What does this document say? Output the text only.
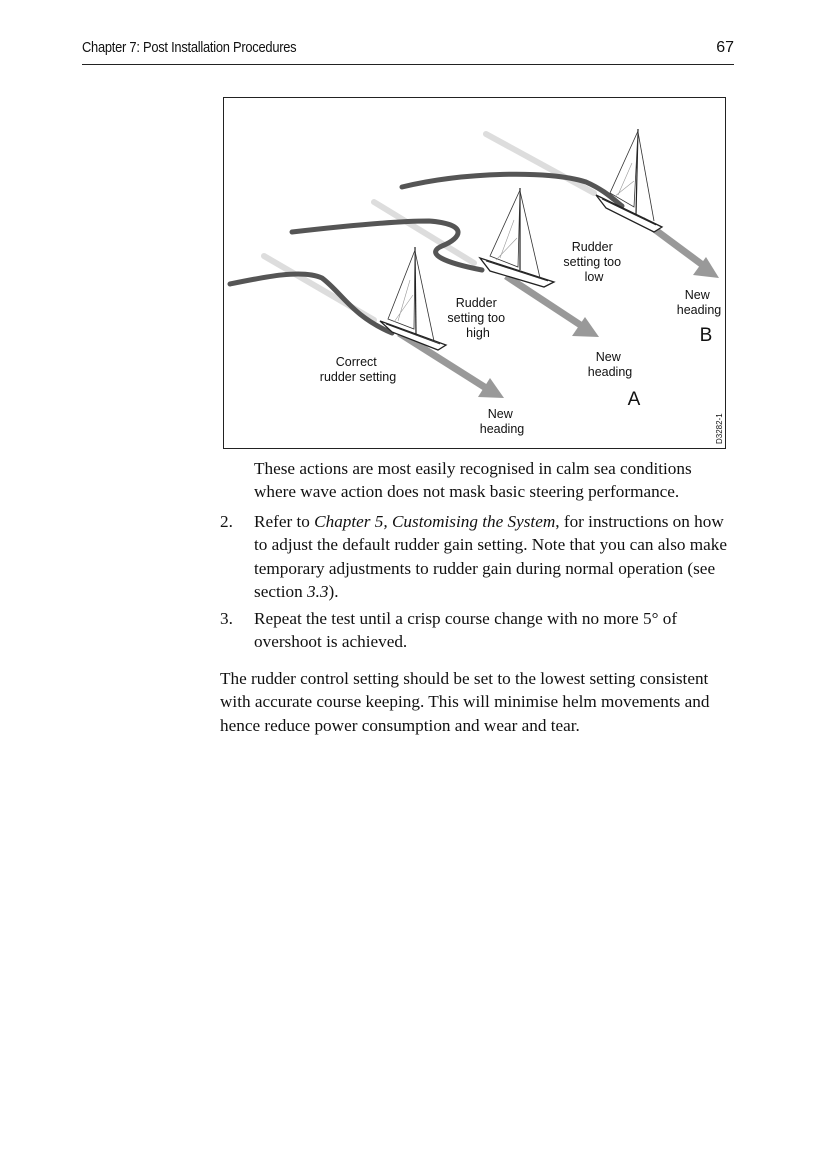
Chapter 7: Post Installation Procedures	67
Correct rudder setting
Rudder setting too high
Rudder setting too low
New heading
New heading
New heading
A
B
D3282-1

These actions are most easily recognised in calm sea conditions where wave action does not mask basic steering performance.

2. Refer to Chapter 5, Customising the System, for instructions on how to adjust the default rudder gain setting. Note that you can also make temporary adjustments to rudder gain during normal operation (see section 3.3).

3. Repeat the test until a crisp course change with no more 5° of overshoot is achieved.

The rudder control setting should be set to the lowest setting consistent with accurate course keeping. This will minimise helm movements and hence reduce power consumption and wear and tear.
